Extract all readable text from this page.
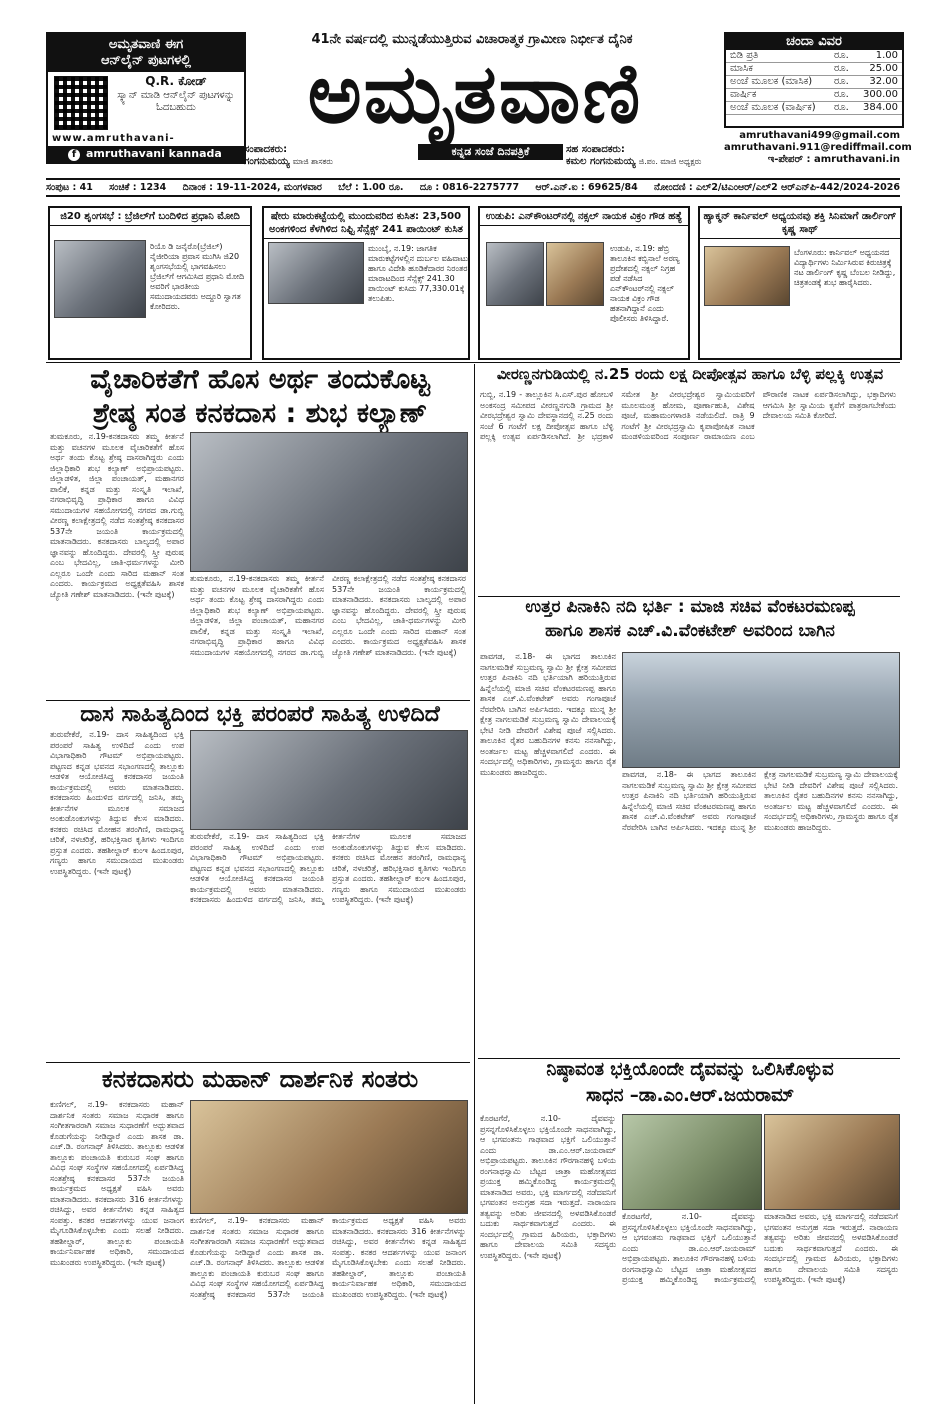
ಅಮೃತವಾಣಿ ಈಗ
ಆನ್‌ಲೈನ್ ಪುಟಗಳಲ್ಲಿ
Q.R. ಕೋಡ್
ಸ್ಕ್ಯಾನ್ ಮಾಡಿ ಆನ್‌ಲೈನ್ ಪುಟಗಳನ್ನು ಓದಬಹುದು
www.amruthavani-
f amruthavani kannada
41ನೇ ವರ್ಷದಲ್ಲಿ ಮುನ್ನಡೆಯುತ್ತಿರುವ ವಿಚಾರಾತ್ಮಕ ಗ್ರಾಮೀಣ ನಿರ್ಭೀತ ದೈನಿಕ
ಅಮೃತವಾಣಿ
ಕನ್ನಡ ಸಂಜೆ ದಿನಪತ್ರಿಕೆ
ಸಂಪಾದಕರು:
ಗಂಗನುಮಯ್ಯ ಮಾಜಿ ಶಾಸಕರು
ಸಹ ಸಂಪಾದಕರು:
ಕಮಲ ಗಂಗನುಮಯ್ಯ ಜಿ.ಪಂ. ಮಾಜಿ ಅಧ್ಯಕ್ಷರು
ಚಂದಾ ವಿವರ
ಬಿಡಿ ಪ್ರತಿ	ರೂ.	1.00
ಮಾಸಿಕ	ರೂ.	25.00
ಅಂಚೆ ಮೂಲಕ (ಮಾಸಿಕ)	ರೂ.	32.00
ವಾರ್ಷಿಕ	ರೂ.	300.00
ಅಂಚೆ ಮೂಲಕ (ವಾರ್ಷಿಕ)	ರೂ.	384.00
amruthavani499@gmail.com
amruthavani.911@rediffmail.com
ಇ-ಪೇಪರ್ : amruthavani.in
ಸಂಪುಟ : 41 ಸಂಚಿಕೆ : 1234 ದಿನಾಂಕ : 19-11-2024, ಮಂಗಳವಾರ ಬೆಲೆ : 1.00 ರೂ. ದೂ : 0816-2275777 ಆರ್.ಎನ್.ಐ : 69625/84 ನೋಂದಣಿ : ಎಲ್2/ಟಿಎಂಆರ್/ಎಲ್2 ಆರ್‌ಎನ್‌ಪಿ-442/2024-2026
ಜಿ20 ಶೃಂಗಸಭೆ : ಬ್ರೆಜಿಲ್‌ಗೆ ಬಂದಿಳಿದ ಪ್ರಧಾನಿ ಮೋದಿ
ರಿಯೊ ಡಿ ಜನೈರೊ(ಬ್ರೆಜಿಲ್) ನೈಜೀರಿಯಾ ಪ್ರವಾಸ ಮುಗಿಸಿ ಜಿ20 ಶೃಂಗಸಭೆಯಲ್ಲಿ ಭಾಗವಹಿಸಲು ಬ್ರೆಜಿಲ್‌ಗೆ ಆಗಮಿಸಿದ ಪ್ರಧಾನಿ ಮೋದಿ ಅವರಿಗೆ ಭಾರತೀಯ ಸಮುದಾಯದವರು ಅದ್ದೂರಿ ಸ್ವಾಗತ ಕೋರಿದರು.
ಷೇರು ಮಾರುಕಟ್ಟೆಯಲ್ಲಿ ಮುಂದುವರಿದ ಕುಸಿತ: 23,500 ಅಂಕಗಳಿಂದ ಕೆಳಗಿಳಿದ ನಿಫ್ಟಿ ಸೆನ್ಸೆಕ್ಸ್ 241 ಪಾಯಿಂಟ್ ಕುಸಿತ
ಮುಂಬೈ, ನ.19: ಜಾಗತಿಕ ಮಾರುಕಟ್ಟೆಗಳಲ್ಲಿನ ದುರ್ಬಲ ವಹಿವಾಟು ಹಾಗೂ ವಿದೇಶಿ ಹೂಡಿಕೆದಾರರ ನಿರಂತರ ಮಾರಾಟದಿಂದ ಸೆನ್ಸೆಕ್ಸ್ 241.30 ಪಾಯಿಂಟ್ ಕುಸಿದು 77,330.01ಕ್ಕೆ ತಲುಪಿತು.
ಉಡುಪಿ: ಎನ್‌ಕೌಂಟರ್‌ನಲ್ಲಿ ನಕ್ಸಲ್ ನಾಯಕ ವಿಕ್ರಂ ಗೌಡ ಹತ್ಯೆ
ಉಡುಪಿ, ನ.19: ಹೆಬ್ರಿ ತಾಲೂಕಿನ ಕಬ್ಬಿನಾಲೆ ಅರಣ್ಯ ಪ್ರದೇಶದಲ್ಲಿ ನಕ್ಸಲ್ ನಿಗ್ರಹ ಪಡೆ ನಡೆಸಿದ ಎನ್‌ಕೌಂಟರ್‌ನಲ್ಲಿ ನಕ್ಸಲ್ ನಾಯಕ ವಿಕ್ರಂ ಗೌಡ ಹತನಾಗಿದ್ದಾನೆ ಎಂದು ಪೊಲೀಸರು ತಿಳಿಸಿದ್ದಾರೆ.
ಹ್ಯಾಕ್ಮನ್ ಕಾರ್ನಿವಲ್ ಅಧ್ಯಯನವು ಶಕ್ತಿ ಸಿನಿಮಾಗೆ ಡಾರ್ಲಿಂಗ್ ಕೃಷ್ಣ ಸಾಥ್
ಬೆಂಗಳೂರು: ಕಾರ್ನಿವಲ್ ಅಧ್ಯಯನದ ವಿದ್ಯಾರ್ಥಿಗಳು ನಿರ್ಮಿಸಿರುವ ಕಿರುಚಿತ್ರಕ್ಕೆ ನಟ ಡಾರ್ಲಿಂಗ್ ಕೃಷ್ಣ ಬೆಂಬಲ ನೀಡಿದ್ದು, ಚಿತ್ರತಂಡಕ್ಕೆ ಶುಭ ಹಾರೈಸಿದರು.
ವೈಚಾರಿಕತೆಗೆ ಹೊಸ ಅರ್ಥ ತಂದುಕೊಟ್ಟ
ಶ್ರೇಷ್ಠ ಸಂತ ಕನಕದಾಸ : ಶುಭ ಕಲ್ಯಾಣ್
ತುಮಕೂರು, ನ.19-ಕನಕದಾಸರು ತಮ್ಮ ಕೀರ್ತನೆ ಮತ್ತು ವಚನಗಳ ಮೂಲಕ ವೈಚಾರಿಕತೆಗೆ ಹೊಸ ಅರ್ಥ ತಂದು ಕೊಟ್ಟ ಶ್ರೇಷ್ಠ ದಾಸರಾಗಿದ್ದರು ಎಂದು ಜಿಲ್ಲಾಧಿಕಾರಿ ಶುಭ ಕಲ್ಯಾಣ್ ಅಭಿಪ್ರಾಯಪಟ್ಟರು. ಜಿಲ್ಲಾಡಳಿತ, ಜಿಲ್ಲಾ ಪಂಚಾಯತ್, ಮಹಾನಗರ ಪಾಲಿಕೆ, ಕನ್ನಡ ಮತ್ತು ಸಂಸ್ಕೃತಿ ಇಲಾಖೆ, ನಗರಾಭಿವೃದ್ಧಿ ಪ್ರಾಧಿಕಾರ ಹಾಗೂ ವಿವಿಧ ಸಮುದಾಯಗಳ ಸಹಯೋಗದಲ್ಲಿ ನಗರದ ಡಾ.ಗುಬ್ಬಿ ವೀರಣ್ಣ ಕಲಾಕ್ಷೇತ್ರದಲ್ಲಿ ನಡೆದ ಸಂತಶ್ರೇಷ್ಠ ಕನಕದಾಸರ 537ನೇ ಜಯಂತಿ ಕಾರ್ಯಕ್ರಮದಲ್ಲಿ ಮಾತನಾಡಿದರು. ಕನಕದಾಸರು ಬಾಲ್ಯದಲ್ಲಿ ಅಪಾರ ಜ್ಞಾನವನ್ನು ಹೊಂದಿದ್ದರು. ದೇವರಲ್ಲಿ ಸ್ತ್ರೀ ಪುರುಷ ಎಂಬ ಭೇದವಿಲ್ಲ, ಜಾತಿ-ಧರ್ಮಗಳನ್ನು ಮೀರಿ ಎಲ್ಲರೂ ಒಂದೇ ಎಂದು ಸಾರಿದ ಮಹಾನ್ ಸಂತ ಎಂದರು. ಕಾರ್ಯಕ್ರಮದ ಅಧ್ಯಕ್ಷತೆವಹಿಸಿ ಶಾಸಕ ಜ್ಯೋತಿ ಗಣೇಶ್ ಮಾತನಾಡಿದರು. (ಇನೇ ಪುಟಕ್ಕೆ)
ತುಮಕೂರು, ನ.19-ಕನಕದಾಸರು ತಮ್ಮ ಕೀರ್ತನೆ ಮತ್ತು ವಚನಗಳ ಮೂಲಕ ವೈಚಾರಿಕತೆಗೆ ಹೊಸ ಅರ್ಥ ತಂದು ಕೊಟ್ಟ ಶ್ರೇಷ್ಠ ದಾಸರಾಗಿದ್ದರು ಎಂದು ಜಿಲ್ಲಾಧಿಕಾರಿ ಶುಭ ಕಲ್ಯಾಣ್ ಅಭಿಪ್ರಾಯಪಟ್ಟರು. ಜಿಲ್ಲಾಡಳಿತ, ಜಿಲ್ಲಾ ಪಂಚಾಯತ್, ಮಹಾನಗರ ಪಾಲಿಕೆ, ಕನ್ನಡ ಮತ್ತು ಸಂಸ್ಕೃತಿ ಇಲಾಖೆ, ನಗರಾಭಿವೃದ್ಧಿ ಪ್ರಾಧಿಕಾರ ಹಾಗೂ ವಿವಿಧ ಸಮುದಾಯಗಳ ಸಹಯೋಗದಲ್ಲಿ ನಗರದ ಡಾ.ಗುಬ್ಬಿ ವೀರಣ್ಣ ಕಲಾಕ್ಷೇತ್ರದಲ್ಲಿ ನಡೆದ ಸಂತಶ್ರೇಷ್ಠ ಕನಕದಾಸರ 537ನೇ ಜಯಂತಿ ಕಾರ್ಯಕ್ರಮದಲ್ಲಿ ಮಾತನಾಡಿದರು. ಕನಕದಾಸರು ಬಾಲ್ಯದಲ್ಲಿ ಅಪಾರ ಜ್ಞಾನವನ್ನು ಹೊಂದಿದ್ದರು. ದೇವರಲ್ಲಿ ಸ್ತ್ರೀ ಪುರುಷ ಎಂಬ ಭೇದವಿಲ್ಲ, ಜಾತಿ-ಧರ್ಮಗಳನ್ನು ಮೀರಿ ಎಲ್ಲರೂ ಒಂದೇ ಎಂದು ಸಾರಿದ ಮಹಾನ್ ಸಂತ ಎಂದರು. ಕಾರ್ಯಕ್ರಮದ ಅಧ್ಯಕ್ಷತೆವಹಿಸಿ ಶಾಸಕ ಜ್ಯೋತಿ ಗಣೇಶ್ ಮಾತನಾಡಿದರು. (ಇನೇ ಪುಟಕ್ಕೆ)
ದಾಸ ಸಾಹಿತ್ಯದಿಂದ ಭಕ್ತಿ ಪರಂಪರೆ ಸಾಹಿತ್ಯ ಉಳಿದಿದೆ
ತುರುವೇಕೆರೆ, ನ.19- ದಾಸ ಸಾಹಿತ್ಯದಿಂದ ಭಕ್ತಿ ಪರಂಪರೆ ಸಾಹಿತ್ಯ ಉಳಿದಿದೆ ಎಂದು ಉಪ ವಿಭಾಗಾಧಿಕಾರಿ ಗೌಟಮ್ ಅಭಿಪ್ರಾಯಪಟ್ಟರು. ಪಟ್ಟಣದ ಕನ್ನಡ ಭವನದ ಸಭಾಂಗಣದಲ್ಲಿ ತಾಲ್ಲೂಕು ಆಡಳಿತ ಆಯೋಜಿಸಿದ್ದ ಕನಕದಾಸರ ಜಯಂತಿ ಕಾರ್ಯಕ್ರಮದಲ್ಲಿ ಅವರು ಮಾತನಾಡಿದರು. ಕನಕದಾಸರು ಹಿಂದುಳಿದ ವರ್ಗದಲ್ಲಿ ಜನಿಸಿ, ತಮ್ಮ ಕೀರ್ತನೆಗಳ ಮೂಲಕ ಸಮಾಜದ ಅಂಕುಡೊಂಕುಗಳನ್ನು ತಿದ್ದುವ ಕೆಲಸ ಮಾಡಿದರು. ಕನಕರು ರಚಿಸಿದ ಮೋಹನ ತರಂಗಿಣಿ, ರಾಮಧಾನ್ಯ ಚರಿತೆ, ನಳಚರಿತ್ರೆ, ಹರಿಭಕ್ತಿಸಾರ ಕೃತಿಗಳು ಇಂದಿಗೂ ಪ್ರಸ್ತುತ ಎಂದರು. ತಹಶೀಲ್ದಾರ್ ಕುಂಇ ಹಿಂದೂಪುರ, ಗಣ್ಯರು ಹಾಗೂ ಸಮುದಾಯದ ಮುಖಂಡರು ಉಪಸ್ಥಿತರಿದ್ದರು. (ಇನೇ ಪುಟಕ್ಕೆ)
ತುರುವೇಕೆರೆ, ನ.19- ದಾಸ ಸಾಹಿತ್ಯದಿಂದ ಭಕ್ತಿ ಪರಂಪರೆ ಸಾಹಿತ್ಯ ಉಳಿದಿದೆ ಎಂದು ಉಪ ವಿಭಾಗಾಧಿಕಾರಿ ಗೌಟಮ್ ಅಭಿಪ್ರಾಯಪಟ್ಟರು. ಪಟ್ಟಣದ ಕನ್ನಡ ಭವನದ ಸಭಾಂಗಣದಲ್ಲಿ ತಾಲ್ಲೂಕು ಆಡಳಿತ ಆಯೋಜಿಸಿದ್ದ ಕನಕದಾಸರ ಜಯಂತಿ ಕಾರ್ಯಕ್ರಮದಲ್ಲಿ ಅವರು ಮಾತನಾಡಿದರು. ಕನಕದಾಸರು ಹಿಂದುಳಿದ ವರ್ಗದಲ್ಲಿ ಜನಿಸಿ, ತಮ್ಮ ಕೀರ್ತನೆಗಳ ಮೂಲಕ ಸಮಾಜದ ಅಂಕುಡೊಂಕುಗಳನ್ನು ತಿದ್ದುವ ಕೆಲಸ ಮಾಡಿದರು. ಕನಕರು ರಚಿಸಿದ ಮೋಹನ ತರಂಗಿಣಿ, ರಾಮಧಾನ್ಯ ಚರಿತೆ, ನಳಚರಿತ್ರೆ, ಹರಿಭಕ್ತಿಸಾರ ಕೃತಿಗಳು ಇಂದಿಗೂ ಪ್ರಸ್ತುತ ಎಂದರು. ತಹಶೀಲ್ದಾರ್ ಕುಂಇ ಹಿಂದೂಪುರ, ಗಣ್ಯರು ಹಾಗೂ ಸಮುದಾಯದ ಮುಖಂಡರು ಉಪಸ್ಥಿತರಿದ್ದರು. (ಇನೇ ಪುಟಕ್ಕೆ)
ಕನಕದಾಸರು ಮಹಾನ್ ದಾರ್ಶನಿಕ ಸಂತರು
ಕುಣಿಗಲ್, ನ.19- ಕನಕದಾಸರು ಮಹಾನ್ ದಾರ್ಶನಿಕ ಸಂತರು ಸಮಾಜ ಸುಧಾರಕ ಹಾಗೂ ಸಂಗೀತಗಾರರಾಗಿ ಸಮಾಜ ಸುಧಾರಣೆಗೆ ಅದ್ಭುತವಾದ ಕೊಡುಗೆಯನ್ನು ನೀಡಿದ್ದಾರೆ ಎಂದು ಶಾಸಕ ಡಾ. ಎಚ್.ಡಿ. ರಂಗನಾಥ್ ತಿಳಿಸಿದರು. ತಾಲ್ಲೂಕು ಆಡಳಿತ ತಾಲ್ಲೂಕು ಪಂಚಾಯತಿ ಕುರುಬರ ಸಂಘ ಹಾಗೂ ವಿವಿಧ ಸಂಘ ಸಂಸ್ಥೆಗಳ ಸಹಯೋಗದಲ್ಲಿ ಏರ್ಪಡಿಸಿದ್ದ ಸಂತಶ್ರೇಷ್ಠ ಕನಕದಾಸರ 537ನೇ ಜಯಂತಿ ಕಾರ್ಯಕ್ರಮದ ಅಧ್ಯಕ್ಷತೆ ವಹಿಸಿ ಅವರು ಮಾತನಾಡಿದರು. ಕನಕದಾಸರು 316 ಕೀರ್ತನೆಗಳನ್ನು ರಚಿಸಿದ್ದು, ಅವರ ಕೀರ್ತನೆಗಳು ಕನ್ನಡ ಸಾಹಿತ್ಯದ ಸಂಪತ್ತು. ಕನಕರ ಆದರ್ಶಗಳನ್ನು ಯುವ ಜನಾಂಗ ಮೈಗೂಡಿಸಿಕೊಳ್ಳಬೇಕು ಎಂದು ಸಲಹೆ ನೀಡಿದರು. ತಹಶೀಲ್ದಾರ್, ತಾಲ್ಲೂಕು ಪಂಚಾಯತಿ ಕಾರ್ಯನಿರ್ವಾಹಕ ಅಧಿಕಾರಿ, ಸಮುದಾಯದ ಮುಖಂಡರು ಉಪಸ್ಥಿತರಿದ್ದರು. (ಇನೇ ಪುಟಕ್ಕೆ)
ಕುಣಿಗಲ್, ನ.19- ಕನಕದಾಸರು ಮಹಾನ್ ದಾರ್ಶನಿಕ ಸಂತರು ಸಮಾಜ ಸುಧಾರಕ ಹಾಗೂ ಸಂಗೀತಗಾರರಾಗಿ ಸಮಾಜ ಸುಧಾರಣೆಗೆ ಅದ್ಭುತವಾದ ಕೊಡುಗೆಯನ್ನು ನೀಡಿದ್ದಾರೆ ಎಂದು ಶಾಸಕ ಡಾ. ಎಚ್.ಡಿ. ರಂಗನಾಥ್ ತಿಳಿಸಿದರು. ತಾಲ್ಲೂಕು ಆಡಳಿತ ತಾಲ್ಲೂಕು ಪಂಚಾಯತಿ ಕುರುಬರ ಸಂಘ ಹಾಗೂ ವಿವಿಧ ಸಂಘ ಸಂಸ್ಥೆಗಳ ಸಹಯೋಗದಲ್ಲಿ ಏರ್ಪಡಿಸಿದ್ದ ಸಂತಶ್ರೇಷ್ಠ ಕನಕದಾಸರ 537ನೇ ಜಯಂತಿ ಕಾರ್ಯಕ್ರಮದ ಅಧ್ಯಕ್ಷತೆ ವಹಿಸಿ ಅವರು ಮಾತನಾಡಿದರು. ಕನಕದಾಸರು 316 ಕೀರ್ತನೆಗಳನ್ನು ರಚಿಸಿದ್ದು, ಅವರ ಕೀರ್ತನೆಗಳು ಕನ್ನಡ ಸಾಹಿತ್ಯದ ಸಂಪತ್ತು. ಕನಕರ ಆದರ್ಶಗಳನ್ನು ಯುವ ಜನಾಂಗ ಮೈಗೂಡಿಸಿಕೊಳ್ಳಬೇಕು ಎಂದು ಸಲಹೆ ನೀಡಿದರು. ತಹಶೀಲ್ದಾರ್, ತಾಲ್ಲೂಕು ಪಂಚಾಯತಿ ಕಾರ್ಯನಿರ್ವಾಹಕ ಅಧಿಕಾರಿ, ಸಮುದಾಯದ ಮುಖಂಡರು ಉಪಸ್ಥಿತರಿದ್ದರು. (ಇನೇ ಪುಟಕ್ಕೆ)
ವೀರಣ್ಣನಗುಡಿಯಲ್ಲಿ ನ.25 ರಂದು ಲಕ್ಷ ದೀಪೋತ್ಸವ ಹಾಗೂ ಬೆಳ್ಳಿ ಪಲ್ಲಕ್ಕಿ ಉತ್ಸವ
ಗುಬ್ಬಿ, ನ.19 - ತಾಲ್ಲೂಕಿನ ಸಿ.ಎಸ್.ಪುರ ಹೋಬಳಿ ಅಂಕಸಂದ್ರ ಸಮೀಪದ ವೀರಣ್ಣನಗುಡಿ ಗ್ರಾಮದ ಶ್ರೀ ವೀರಭದ್ರೇಶ್ವರ ಸ್ವಾಮಿ ದೇವಸ್ಥಾನದಲ್ಲಿ ನ.25 ರಂದು ಸಂಜೆ 6 ಗಂಟೆಗೆ ಲಕ್ಷ ದೀಪೋತ್ಸವ ಹಾಗೂ ಬೆಳ್ಳಿ ಪಲ್ಲಕ್ಕಿ ಉತ್ಸವ ಏರ್ಪಡಿಸಲಾಗಿದೆ. ಶ್ರೀ ಭದ್ರಕಾಳಿ ಸಮೇತ ಶ್ರೀ ವೀರಭದ್ರೇಶ್ವರ ಸ್ವಾಮಿಯವರಿಗೆ ಮೂಲಮಂತ್ರ ಹೋಮ, ಪೂರ್ಣಾಹುತಿ, ವಿಶೇಷ ಪೂಜೆ, ಮಹಾಮಂಗಳಾರತಿ ನಡೆಯಲಿದೆ. ರಾತ್ರಿ 9 ಗಂಟೆಗೆ ಶ್ರೀ ವೀರಭದ್ರಸ್ವಾಮಿ ಕೃಪಾಪೋಷಿತ ನಾಟಕ ಮಂಡಳಿಯವರಿಂದ ಸಂಪೂರ್ಣ ರಾಮಾಯಣ ಎಂಬ ಪೌರಾಣಿಕ ನಾಟಕ ಏರ್ಪಡಿಸಲಾಗಿದ್ದು, ಭಕ್ತಾದಿಗಳು ಆಗಮಿಸಿ ಶ್ರೀ ಸ್ವಾಮಿಯ ಕೃಪೆಗೆ ಪಾತ್ರರಾಗಬೇಕೆಂದು ದೇವಾಲಯ ಸಮಿತಿ ಕೋರಿದೆ.
ಉತ್ತರ ಪಿನಾಕಿನಿ ನದಿ ಭರ್ತಿ : ಮಾಜಿ ಸಚಿವ ವೆಂಕಟರಮಣಪ್ಪ
ಹಾಗೂ ಶಾಸಕ ಎಚ್.ವಿ.ವೆಂಕಟೇಶ್ ಅವರಿಂದ ಬಾಗಿನ
ಪಾವಗಡ, ನ.18- ಈ ಭಾಗದ ತಾಲೂಕಿನ ನಾಗಲಮಡಿಕೆ ಸುಬ್ರಮಣ್ಯ ಸ್ವಾಮಿ ಶ್ರೀ ಕ್ಷೇತ್ರ ಸಮೀಪದ ಉತ್ತರ ಪಿನಾಕಿನಿ ನದಿ ಭರ್ತಿಯಾಗಿ ಹರಿಯುತ್ತಿರುವ ಹಿನ್ನೆಲೆಯಲ್ಲಿ ಮಾಜಿ ಸಚಿವ ವೆಂಕಟರಮಣಪ್ಪ ಹಾಗೂ ಶಾಸಕ ಎಚ್.ವಿ.ವೆಂಕಟೇಶ್ ಅವರು ಗಂಗಾಪೂಜೆ ನೆರವೇರಿಸಿ ಬಾಗಿನ ಅರ್ಪಿಸಿದರು. ಇದಕ್ಕೂ ಮುನ್ನ ಶ್ರೀ ಕ್ಷೇತ್ರ ನಾಗಲಮಡಿಕೆ ಸುಬ್ರಮಣ್ಯ ಸ್ವಾಮಿ ದೇವಾಲಯಕ್ಕೆ ಭೇಟಿ ನೀಡಿ ದೇವರಿಗೆ ವಿಶೇಷ ಪೂಜೆ ಸಲ್ಲಿಸಿದರು. ತಾಲೂಕಿನ ರೈತರ ಬಹುದಿನಗಳ ಕನಸು ನನಸಾಗಿದ್ದು, ಅಂತರ್ಜಲ ಮಟ್ಟ ಹೆಚ್ಚಳವಾಗಲಿದೆ ಎಂದರು. ಈ ಸಂದರ್ಭದಲ್ಲಿ ಅಧಿಕಾರಿಗಳು, ಗ್ರಾಮಸ್ಥರು ಹಾಗೂ ರೈತ ಮುಖಂಡರು ಹಾಜರಿದ್ದರು.	ಪಾವಗಡ, ನ.18- ಈ ಭಾಗದ ತಾಲೂಕಿನ ನಾಗಲಮಡಿಕೆ ಸುಬ್ರಮಣ್ಯ ಸ್ವಾಮಿ ಶ್ರೀ ಕ್ಷೇತ್ರ ಸಮೀಪದ ಉತ್ತರ ಪಿನಾಕಿನಿ ನದಿ ಭರ್ತಿಯಾಗಿ ಹರಿಯುತ್ತಿರುವ ಹಿನ್ನೆಲೆಯಲ್ಲಿ ಮಾಜಿ ಸಚಿವ ವೆಂಕಟರಮಣಪ್ಪ ಹಾಗೂ ಶಾಸಕ ಎಚ್.ವಿ.ವೆಂಕಟೇಶ್ ಅವರು ಗಂಗಾಪೂಜೆ ನೆರವೇರಿಸಿ ಬಾಗಿನ ಅರ್ಪಿಸಿದರು. ಇದಕ್ಕೂ ಮುನ್ನ ಶ್ರೀ ಕ್ಷೇತ್ರ ನಾಗಲಮಡಿಕೆ ಸುಬ್ರಮಣ್ಯ ಸ್ವಾಮಿ ದೇವಾಲಯಕ್ಕೆ ಭೇಟಿ ನೀಡಿ ದೇವರಿಗೆ ವಿಶೇಷ ಪೂಜೆ ಸಲ್ಲಿಸಿದರು. ತಾಲೂಕಿನ ರೈತರ ಬಹುದಿನಗಳ ಕನಸು ನನಸಾಗಿದ್ದು, ಅಂತರ್ಜಲ ಮಟ್ಟ ಹೆಚ್ಚಳವಾಗಲಿದೆ ಎಂದರು. ಈ ಸಂದರ್ಭದಲ್ಲಿ ಅಧಿಕಾರಿಗಳು, ಗ್ರಾಮಸ್ಥರು ಹಾಗೂ ರೈತ ಮುಖಂಡರು ಹಾಜರಿದ್ದರು.
ನಿಷ್ಠಾವಂತ ಭಕ್ತಿಯೊಂದೇ ದೈವವನ್ನು ಒಲಿಸಿಕೊಳ್ಳುವ
ಸಾಧನ –ಡಾ.ಎಂ.ಆರ್.ಜಯರಾಮ್
ಕೊರಟಗೆರೆ, ನ.10- ದೈವವನ್ನು ಪ್ರಸನ್ನಗೊಳಿಸಿಕೊಳ್ಳಲು ಭಕ್ತಿಯೊಂದೇ ಸಾಧನವಾಗಿದ್ದು, ಆ ಭಗವಂತನು ಗಾಢವಾದ ಭಕ್ತಿಗೆ ಒಲಿಯುತ್ತಾನೆ ಎಂದು ಡಾ.ಎಂ.ಆರ್.ಜಯರಾಮ್ ಅಭಿಪ್ರಾಯಪಟ್ಟರು. ತಾಲೂಕಿನ ಗೌರಗಾನಹಳ್ಳಿ ಬಳಿಯ ರಂಗನಾಥಸ್ವಾಮಿ ಬೆಟ್ಟದ ಜಾತ್ರಾ ಮಹೋತ್ಸವದ ಪ್ರಯುಕ್ತ ಹಮ್ಮಿಕೊಂಡಿದ್ದ ಕಾರ್ಯಕ್ರಮದಲ್ಲಿ ಮಾತನಾಡಿದ ಅವರು, ಭಕ್ತಿ ಮಾರ್ಗದಲ್ಲಿ ನಡೆದವನಿಗೆ ಭಗವಂತನ ಅನುಗ್ರಹ ಸದಾ ಇರುತ್ತದೆ. ನಾರಾಯಣ ತತ್ವವನ್ನು ಅರಿತು ಜೀವನದಲ್ಲಿ ಅಳವಡಿಸಿಕೊಂಡರೆ ಬದುಕು ಸಾರ್ಥಕವಾಗುತ್ತದೆ ಎಂದರು. ಈ ಸಂದರ್ಭದಲ್ಲಿ ಗ್ರಾಮದ ಹಿರಿಯರು, ಭಕ್ತಾದಿಗಳು ಹಾಗೂ ದೇವಾಲಯ ಸಮಿತಿ ಸದಸ್ಯರು ಉಪಸ್ಥಿತರಿದ್ದರು. (ಇನೇ ಪುಟಕ್ಕೆ)
ಕೊರಟಗೆರೆ, ನ.10- ದೈವವನ್ನು ಪ್ರಸನ್ನಗೊಳಿಸಿಕೊಳ್ಳಲು ಭಕ್ತಿಯೊಂದೇ ಸಾಧನವಾಗಿದ್ದು, ಆ ಭಗವಂತನು ಗಾಢವಾದ ಭಕ್ತಿಗೆ ಒಲಿಯುತ್ತಾನೆ ಎಂದು ಡಾ.ಎಂ.ಆರ್.ಜಯರಾಮ್ ಅಭಿಪ್ರಾಯಪಟ್ಟರು. ತಾಲೂಕಿನ ಗೌರಗಾನಹಳ್ಳಿ ಬಳಿಯ ರಂಗನಾಥಸ್ವಾಮಿ ಬೆಟ್ಟದ ಜಾತ್ರಾ ಮಹೋತ್ಸವದ ಪ್ರಯುಕ್ತ ಹಮ್ಮಿಕೊಂಡಿದ್ದ ಕಾರ್ಯಕ್ರಮದಲ್ಲಿ ಮಾತನಾಡಿದ ಅವರು, ಭಕ್ತಿ ಮಾರ್ಗದಲ್ಲಿ ನಡೆದವನಿಗೆ ಭಗವಂತನ ಅನುಗ್ರಹ ಸದಾ ಇರುತ್ತದೆ. ನಾರಾಯಣ ತತ್ವವನ್ನು ಅರಿತು ಜೀವನದಲ್ಲಿ ಅಳವಡಿಸಿಕೊಂಡರೆ ಬದುಕು ಸಾರ್ಥಕವಾಗುತ್ತದೆ ಎಂದರು. ಈ ಸಂದರ್ಭದಲ್ಲಿ ಗ್ರಾಮದ ಹಿರಿಯರು, ಭಕ್ತಾದಿಗಳು ಹಾಗೂ ದೇವಾಲಯ ಸಮಿತಿ ಸದಸ್ಯರು ಉಪಸ್ಥಿತರಿದ್ದರು. (ಇನೇ ಪುಟಕ್ಕೆ)
